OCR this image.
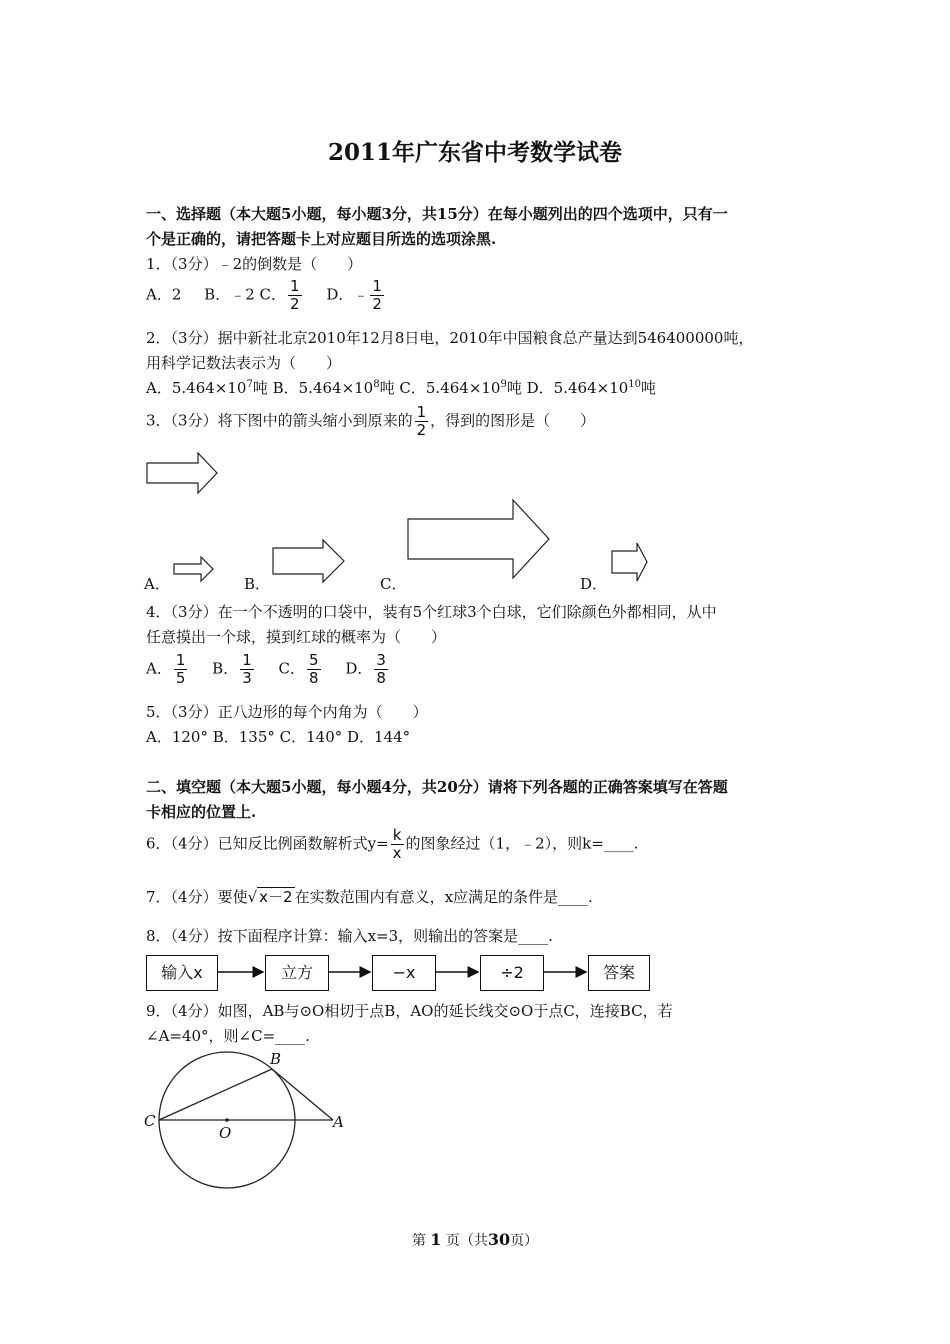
2011年广东省中考数学试卷
一、选择题（本大题5小题，每小题3分，共15分）在每小题列出的四个选项中，只有一
个是正确的，请把答题卡上对应题目所选的选项涂黑.
1．（3分）﹣2的倒数是（　　）
A．2 B．﹣2 C． $\frac{1}{2}$ D．﹣ $\frac{1}{2}$
2．（3分）据中新社北京2010年12月8日电，2010年中国粮食总产量达到546400000吨，
用科学记数法表示为（　　）
A．$5.464\times 10^7$吨 B．$5.464\times 10^8$吨 C．$5.464\times 10^9$吨 D．$5.464\times 10^{10}$吨
3．（3分）将下图中的箭头缩小到原来的 $\frac{1}{2}$ ，得到的图形是（　　）
A．	B．	C．	D．
4．（3分）在一个不透明的口袋中，装有5个红球3个白球，它们除颜色外都相同，从中
任意摸出一个球，摸到红球的概率为（　　）
A． $\frac{1}{5}$ B． $\frac{1}{3}$ C． $\frac{5}{8}$ D． $\frac{3}{8}$
5．（3分）正八边形的每个内角为（　　）
A．120° B．135° C．140° D．144°
二、填空题（本大题5小题，每小题4分，共20分）请将下列各题的正确答案填写在答题
卡相应的位置上.
6．（4分）已知反比例函数解析式$y= \frac{k}{x}$ 的图象经过（1，﹣2），则k=____.
7．（4分）要使√ x－2 在实数范围内有意义，x应满足的条件是____.
8．（4分）按下面程序计算：输入x=3，则输出的答案是____.
输入x	立方	−x	÷2	答案
9．（4分）如图，AB与⊙O相切于点B，AO的延长线交⊙O于点C，连接BC，若
∠A=40°，则∠C=____.
B
C
O
A
第 1 页（共30页）
